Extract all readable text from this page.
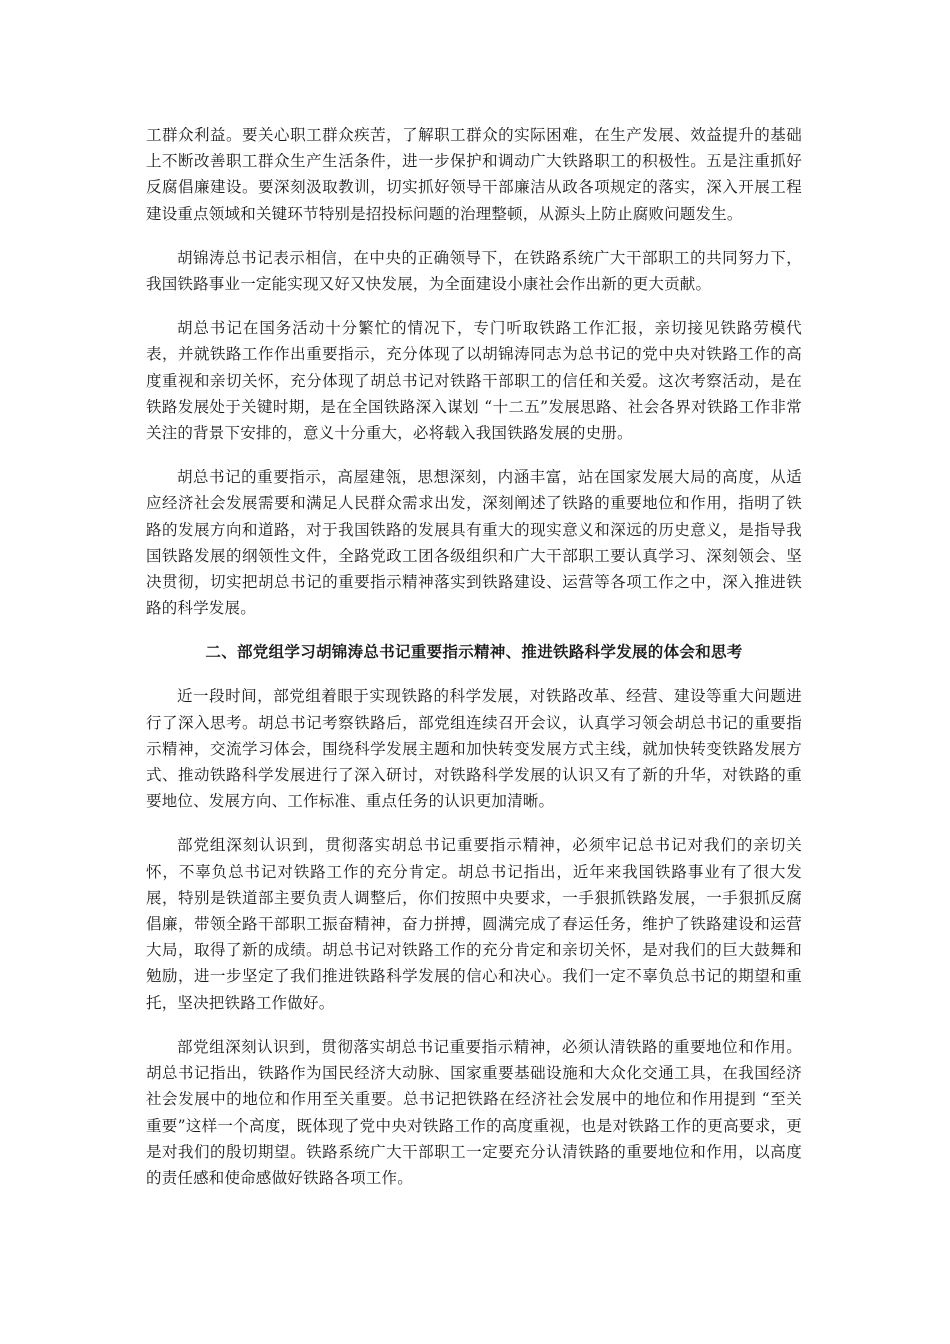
工群众利益。要关心职工群众疾苦，了解职工群众的实际困难，在生产发展、效益提升的基础上不断改善职工群众生产生活条件，进一步保护和调动广大铁路职工的积极性。五是注重抓好反腐倡廉建设。要深刻汲取教训，切实抓好领导干部廉洁从政各项规定的落实，深入开展工程建设重点领域和关键环节特别是招投标问题的治理整顿，从源头上防止腐败问题发生。

胡锦涛总书记表示相信，在中央的正确领导下，在铁路系统广大干部职工的共同努力下，我国铁路事业一定能实现又好又快发展，为全面建设小康社会作出新的更大贡献。

胡总书记在国务活动十分繁忙的情况下，专门听取铁路工作汇报，亲切接见铁路劳模代表，并就铁路工作作出重要指示，充分体现了以胡锦涛同志为总书记的党中央对铁路工作的高度重视和亲切关怀，充分体现了胡总书记对铁路干部职工的信任和关爱。这次考察活动，是在铁路发展处于关键时期，是在全国铁路深入谋划 “十二五”发展思路、社会各界对铁路工作非常关注的背景下安排的，意义十分重大，必将载入我国铁路发展的史册。

胡总书记的重要指示，高屋建瓴，思想深刻，内涵丰富，站在国家发展大局的高度，从适应经济社会发展需要和满足人民群众需求出发，深刻阐述了铁路的重要地位和作用，指明了铁路的发展方向和道路，对于我国铁路的发展具有重大的现实意义和深远的历史意义，是指导我国铁路发展的纲领性文件，全路党政工团各级组织和广大干部职工要认真学习、深刻领会、坚决贯彻，切实把胡总书记的重要指示精神落实到铁路建设、运营等各项工作之中，深入推进铁路的科学发展。

二、部党组学习胡锦涛总书记重要指示精神、推进铁路科学发展的体会和思考

近一段时间，部党组着眼于实现铁路的科学发展，对铁路改革、经营、建设等重大问题进行了深入思考。胡总书记考察铁路后，部党组连续召开会议，认真学习领会胡总书记的重要指示精神，交流学习体会，围绕科学发展主题和加快转变发展方式主线，就加快转变铁路发展方式、推动铁路科学发展进行了深入研讨，对铁路科学发展的认识又有了新的升华，对铁路的重要地位、发展方向、工作标准、重点任务的认识更加清晰。

部党组深刻认识到，贯彻落实胡总书记重要指示精神，必须牢记总书记对我们的亲切关怀，不辜负总书记对铁路工作的充分肯定。胡总书记指出，近年来我国铁路事业有了很大发展，特别是铁道部主要负责人调整后，你们按照中央要求，一手狠抓铁路发展，一手狠抓反腐倡廉，带领全路干部职工振奋精神，奋力拼搏，圆满完成了春运任务，维护了铁路建设和运营大局，取得了新的成绩。胡总书记对铁路工作的充分肯定和亲切关怀，是对我们的巨大鼓舞和勉励，进一步坚定了我们推进铁路科学发展的信心和决心。我们一定不辜负总书记的期望和重托，坚决把铁路工作做好。

部党组深刻认识到，贯彻落实胡总书记重要指示精神，必须认清铁路的重要地位和作用。胡总书记指出，铁路作为国民经济大动脉、国家重要基础设施和大众化交通工具，在我国经济社会发展中的地位和作用至关重要。总书记把铁路在经济社会发展中的地位和作用提到 “至关重要”这样一个高度，既体现了党中央对铁路工作的高度重视，也是对铁路工作的更高要求，更是对我们的殷切期望。铁路系统广大干部职工一定要充分认清铁路的重要地位和作用，以高度的责任感和使命感做好铁路各项工作。
